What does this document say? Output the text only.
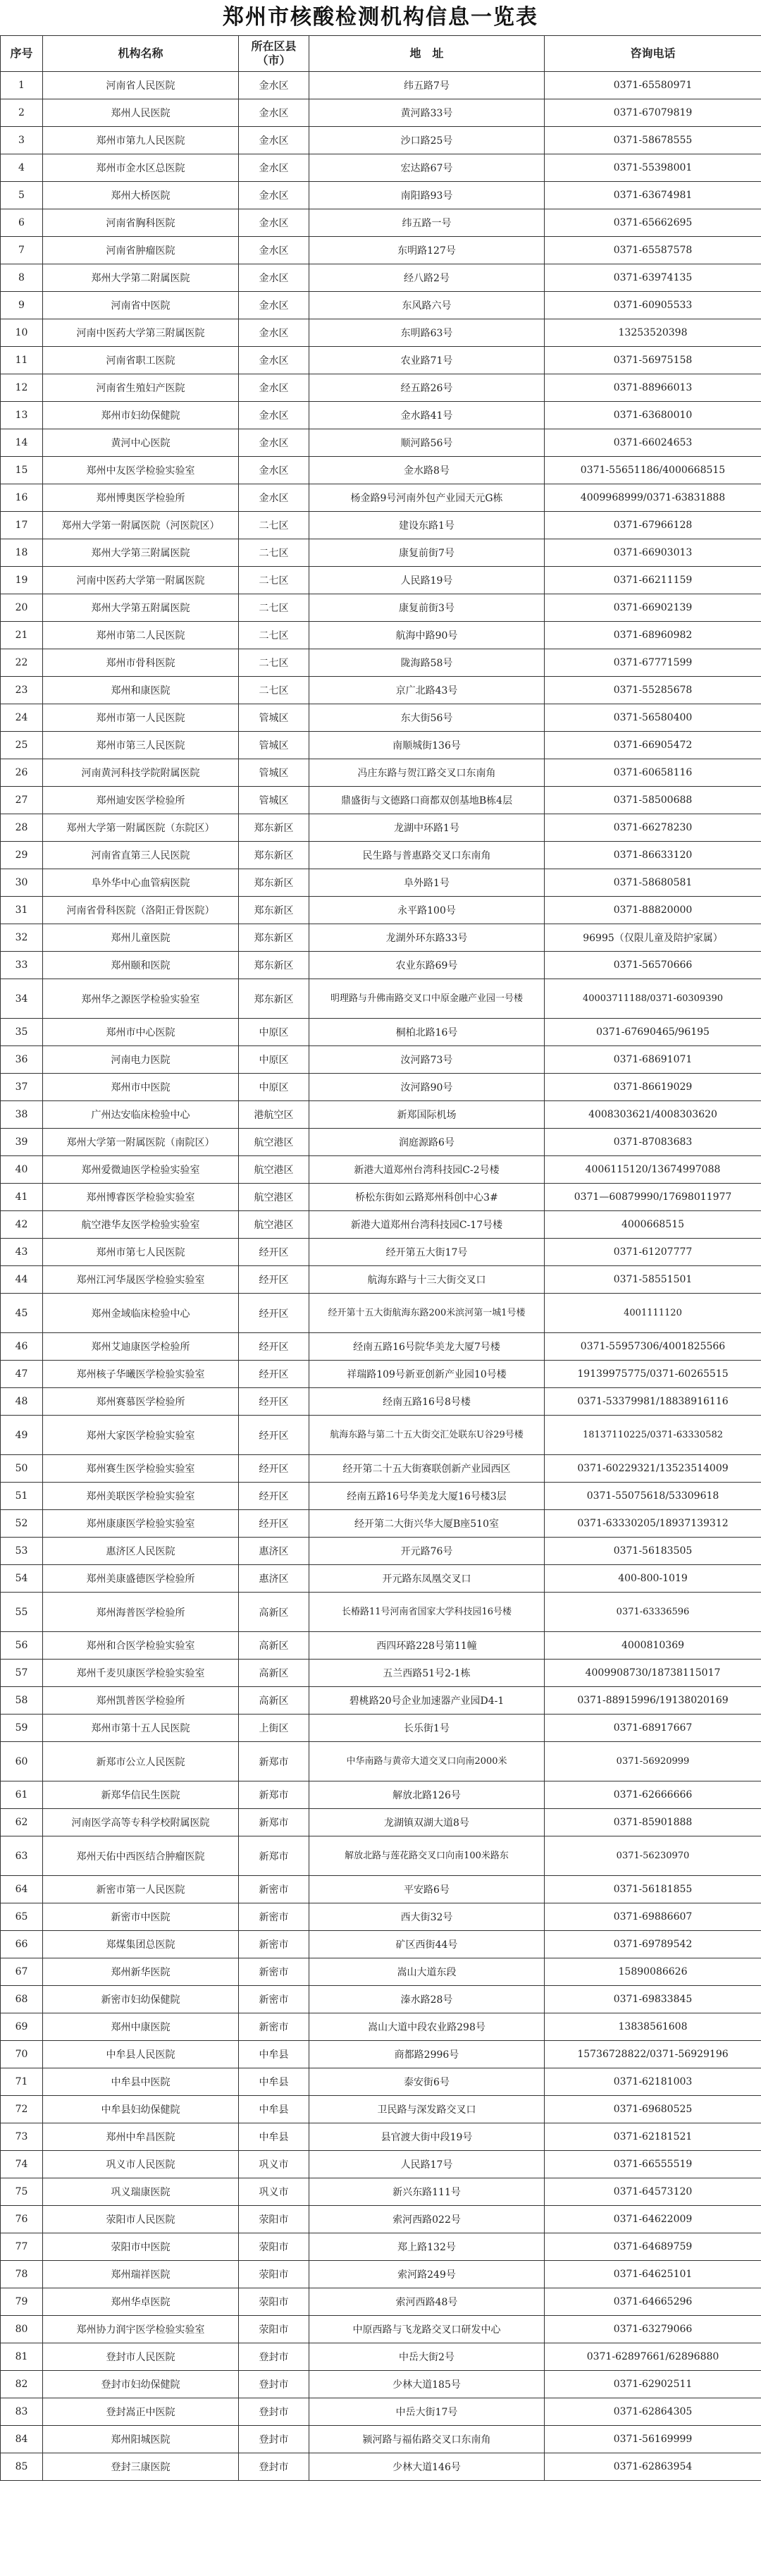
郑州市核酸检测机构信息一览表
序号	机构名称	所在区县（市）	地　址	咨询电话
1	河南省人民医院	金水区	纬五路7号	0371-65580971
2	郑州人民医院	金水区	黄河路33号	0371-67079819
3	郑州市第九人民医院	金水区	沙口路25号	0371-58678555
4	郑州市金水区总医院	金水区	宏达路67号	0371-55398001
5	郑州大桥医院	金水区	南阳路93号	0371-63674981
6	河南省胸科医院	金水区	纬五路一号	0371-65662695
7	河南省肿瘤医院	金水区	东明路127号	0371-65587578
8	郑州大学第二附属医院	金水区	经八路2号	0371-63974135
9	河南省中医院	金水区	东风路六号	0371-60905533
10	河南中医药大学第三附属医院	金水区	东明路63号	13253520398
11	河南省职工医院	金水区	农业路71号	0371-56975158
12	河南省生殖妇产医院	金水区	经五路26号	0371-88966013
13	郑州市妇幼保健院	金水区	金水路41号	0371-63680010
14	黄河中心医院	金水区	顺河路56号	0371-66024653
15	郑州中友医学检验实验室	金水区	金水路8号	0371-55651186/4000668515
16	郑州博奥医学检验所	金水区	杨金路9号河南外包产业园天元G栋	4009968999/0371-63831888
17	郑州大学第一附属医院（河医院区）	二七区	建设东路1号	0371-67966128
18	郑州大学第三附属医院	二七区	康复前街7号	0371-66903013
19	河南中医药大学第一附属医院	二七区	人民路19号	0371-66211159
20	郑州大学第五附属医院	二七区	康复前街3号	0371-66902139
21	郑州市第二人民医院	二七区	航海中路90号	0371-68960982
22	郑州市骨科医院	二七区	陇海路58号	0371-67771599
23	郑州和康医院	二七区	京广北路43号	0371-55285678
24	郑州市第一人民医院	管城区	东大街56号	0371-56580400
25	郑州市第三人民医院	管城区	南顺城街136号	0371-66905472
26	河南黄河科技学院附属医院	管城区	冯庄东路与贺江路交叉口东南角	0371-60658116
27	郑州迪安医学检验所	管城区	鼎盛街与文德路口商都双创基地B栋4层	0371-58500688
28	郑州大学第一附属医院（东院区）	郑东新区	龙湖中环路1号	0371-66278230
29	河南省直第三人民医院	郑东新区	民生路与普惠路交叉口东南角	0371-86633120
30	阜外华中心血管病医院	郑东新区	阜外路1号	0371-58680581
31	河南省骨科医院（洛阳正骨医院）	郑东新区	永平路100号	0371-88820000
32	郑州儿童医院	郑东新区	龙湖外环东路33号	96995（仅限儿童及陪护家属）
33	郑州颐和医院	郑东新区	农业东路69号	0371-56570666
34	郑州华之源医学检验实验室	郑东新区	明理路与升佛南路交叉口中原金融产业园一号楼	40003711188/0371-60309390
35	郑州市中心医院	中原区	桐柏北路16号	0371-67690465/96195
36	河南电力医院	中原区	汝河路73号	0371-68691071
37	郑州市中医院	中原区	汝河路90号	0371-86619029
38	广州达安临床检验中心	港航空区	新郑国际机场	4008303621/4008303620
39	郑州大学第一附属医院（南院区）	航空港区	润庭源路6号	0371-87083683
40	郑州爱微迪医学检验实验室	航空港区	新港大道郑州台湾科技园C-2号楼	4006115120/13674997088
41	郑州博睿医学检验实验室	航空港区	桥松东街如云路郑州科创中心3#	0371—60879990/17698011977
42	航空港华友医学检验实验室	航空港区	新港大道郑州台湾科技园C-17号楼	4000668515
43	郑州市第七人民医院	经开区	经开第五大街17号	0371-61207777
44	郑州江河华晟医学检验实验室	经开区	航海东路与十三大街交叉口	0371-58551501
45	郑州金域临床检验中心	经开区	经开第十五大街航海东路200米滨河第一城1号楼	4001111120
46	郑州艾迪康医学检验所	经开区	经南五路16号院华美龙大厦7号楼	0371-55957306/4001825566
47	郑州核子华曦医学检验实验室	经开区	祥瑞路109号新亚创新产业园10号楼	19139975775/0371-60265515
48	郑州赛慕医学检验所	经开区	经南五路16号8号楼	0371-53379981/18838916116
49	郑州大家医学检验实验室	经开区	航海东路与第二十五大街交汇处联东U谷29号楼	18137110225/0371-63330582
50	郑州赛生医学检验实验室	经开区	经开第二十五大街赛联创新产业园西区	0371-60229321/13523514009
51	郑州美联医学检验实验室	经开区	经南五路16号华美龙大厦16号楼3层	0371-55075618/53309618
52	郑州康康医学检验实验室	经开区	经开第二大街兴华大厦B座510室	0371-63330205/18937139312
53	惠济区人民医院	惠济区	开元路76号	0371-56183505
54	郑州美康盛德医学检验所	惠济区	开元路东凤凰交叉口	400-800-1019
55	郑州海普医学检验所	高新区	长椿路11号河南省国家大学科技园16号楼	0371-63336596
56	郑州和合医学检验实验室	高新区	西四环路228号第11幢	4000810369
57	郑州千麦贝康医学检验实验室	高新区	五兰西路51号2-1栋	4009908730/18738115017
58	郑州凯普医学检验所	高新区	碧桃路20号企业加速器产业园D4-1	0371-88915996/19138020169
59	郑州市第十五人民医院	上街区	长乐街1号	0371-68917667
60	新郑市公立人民医院	新郑市	中华南路与黄帝大道交叉口向南2000米	0371-56920999
61	新郑华信民生医院	新郑市	解放北路126号	0371-62666666
62	河南医学高等专科学校附属医院	新郑市	龙湖镇双湖大道8号	0371-85901888
63	郑州天佑中西医结合肿瘤医院	新郑市	解放北路与莲花路交叉口向南100米路东	0371-56230970
64	新密市第一人民医院	新密市	平安路6号	0371-56181855
65	新密市中医院	新密市	西大街32号	0371-69886607
66	郑煤集团总医院	新密市	矿区西街44号	0371-69789542
67	郑州新华医院	新密市	嵩山大道东段	15890086626
68	新密市妇幼保健院	新密市	溱水路28号	0371-69833845
69	郑州中康医院	新密市	嵩山大道中段农业路298号	13838561608
70	中牟县人民医院	中牟县	商都路2996号	15736728822/0371-56929196
71	中牟县中医院	中牟县	泰安街6号	0371-62181003
72	中牟县妇幼保健院	中牟县	卫民路与深发路交叉口	0371-69680525
73	郑州中牟昌医院	中牟县	县官渡大街中段19号	0371-62181521
74	巩义市人民医院	巩义市	人民路17号	0371-66555519
75	巩义瑞康医院	巩义市	新兴东路111号	0371-64573120
76	荥阳市人民医院	荥阳市	索河西路022号	0371-64622009
77	荥阳市中医院	荥阳市	郑上路132号	0371-64689759
78	郑州瑞祥医院	荥阳市	索河路249号	0371-64625101
79	郑州华卓医院	荥阳市	索河西路48号	0371-64665296
80	郑州协力润宇医学检验实验室	荥阳市	中原西路与飞龙路交叉口研发中心	0371-63279066
81	登封市人民医院	登封市	中岳大街2号	0371-62897661/62896880
82	登封市妇幼保健院	登封市	少林大道185号	0371-62902511
83	登封嵩正中医院	登封市	中岳大街17号	0371-62864305
84	郑州阳城医院	登封市	颍河路与福佑路交叉口东南角	0371-56169999
85	登封三康医院	登封市	少林大道146号	0371-62863954
